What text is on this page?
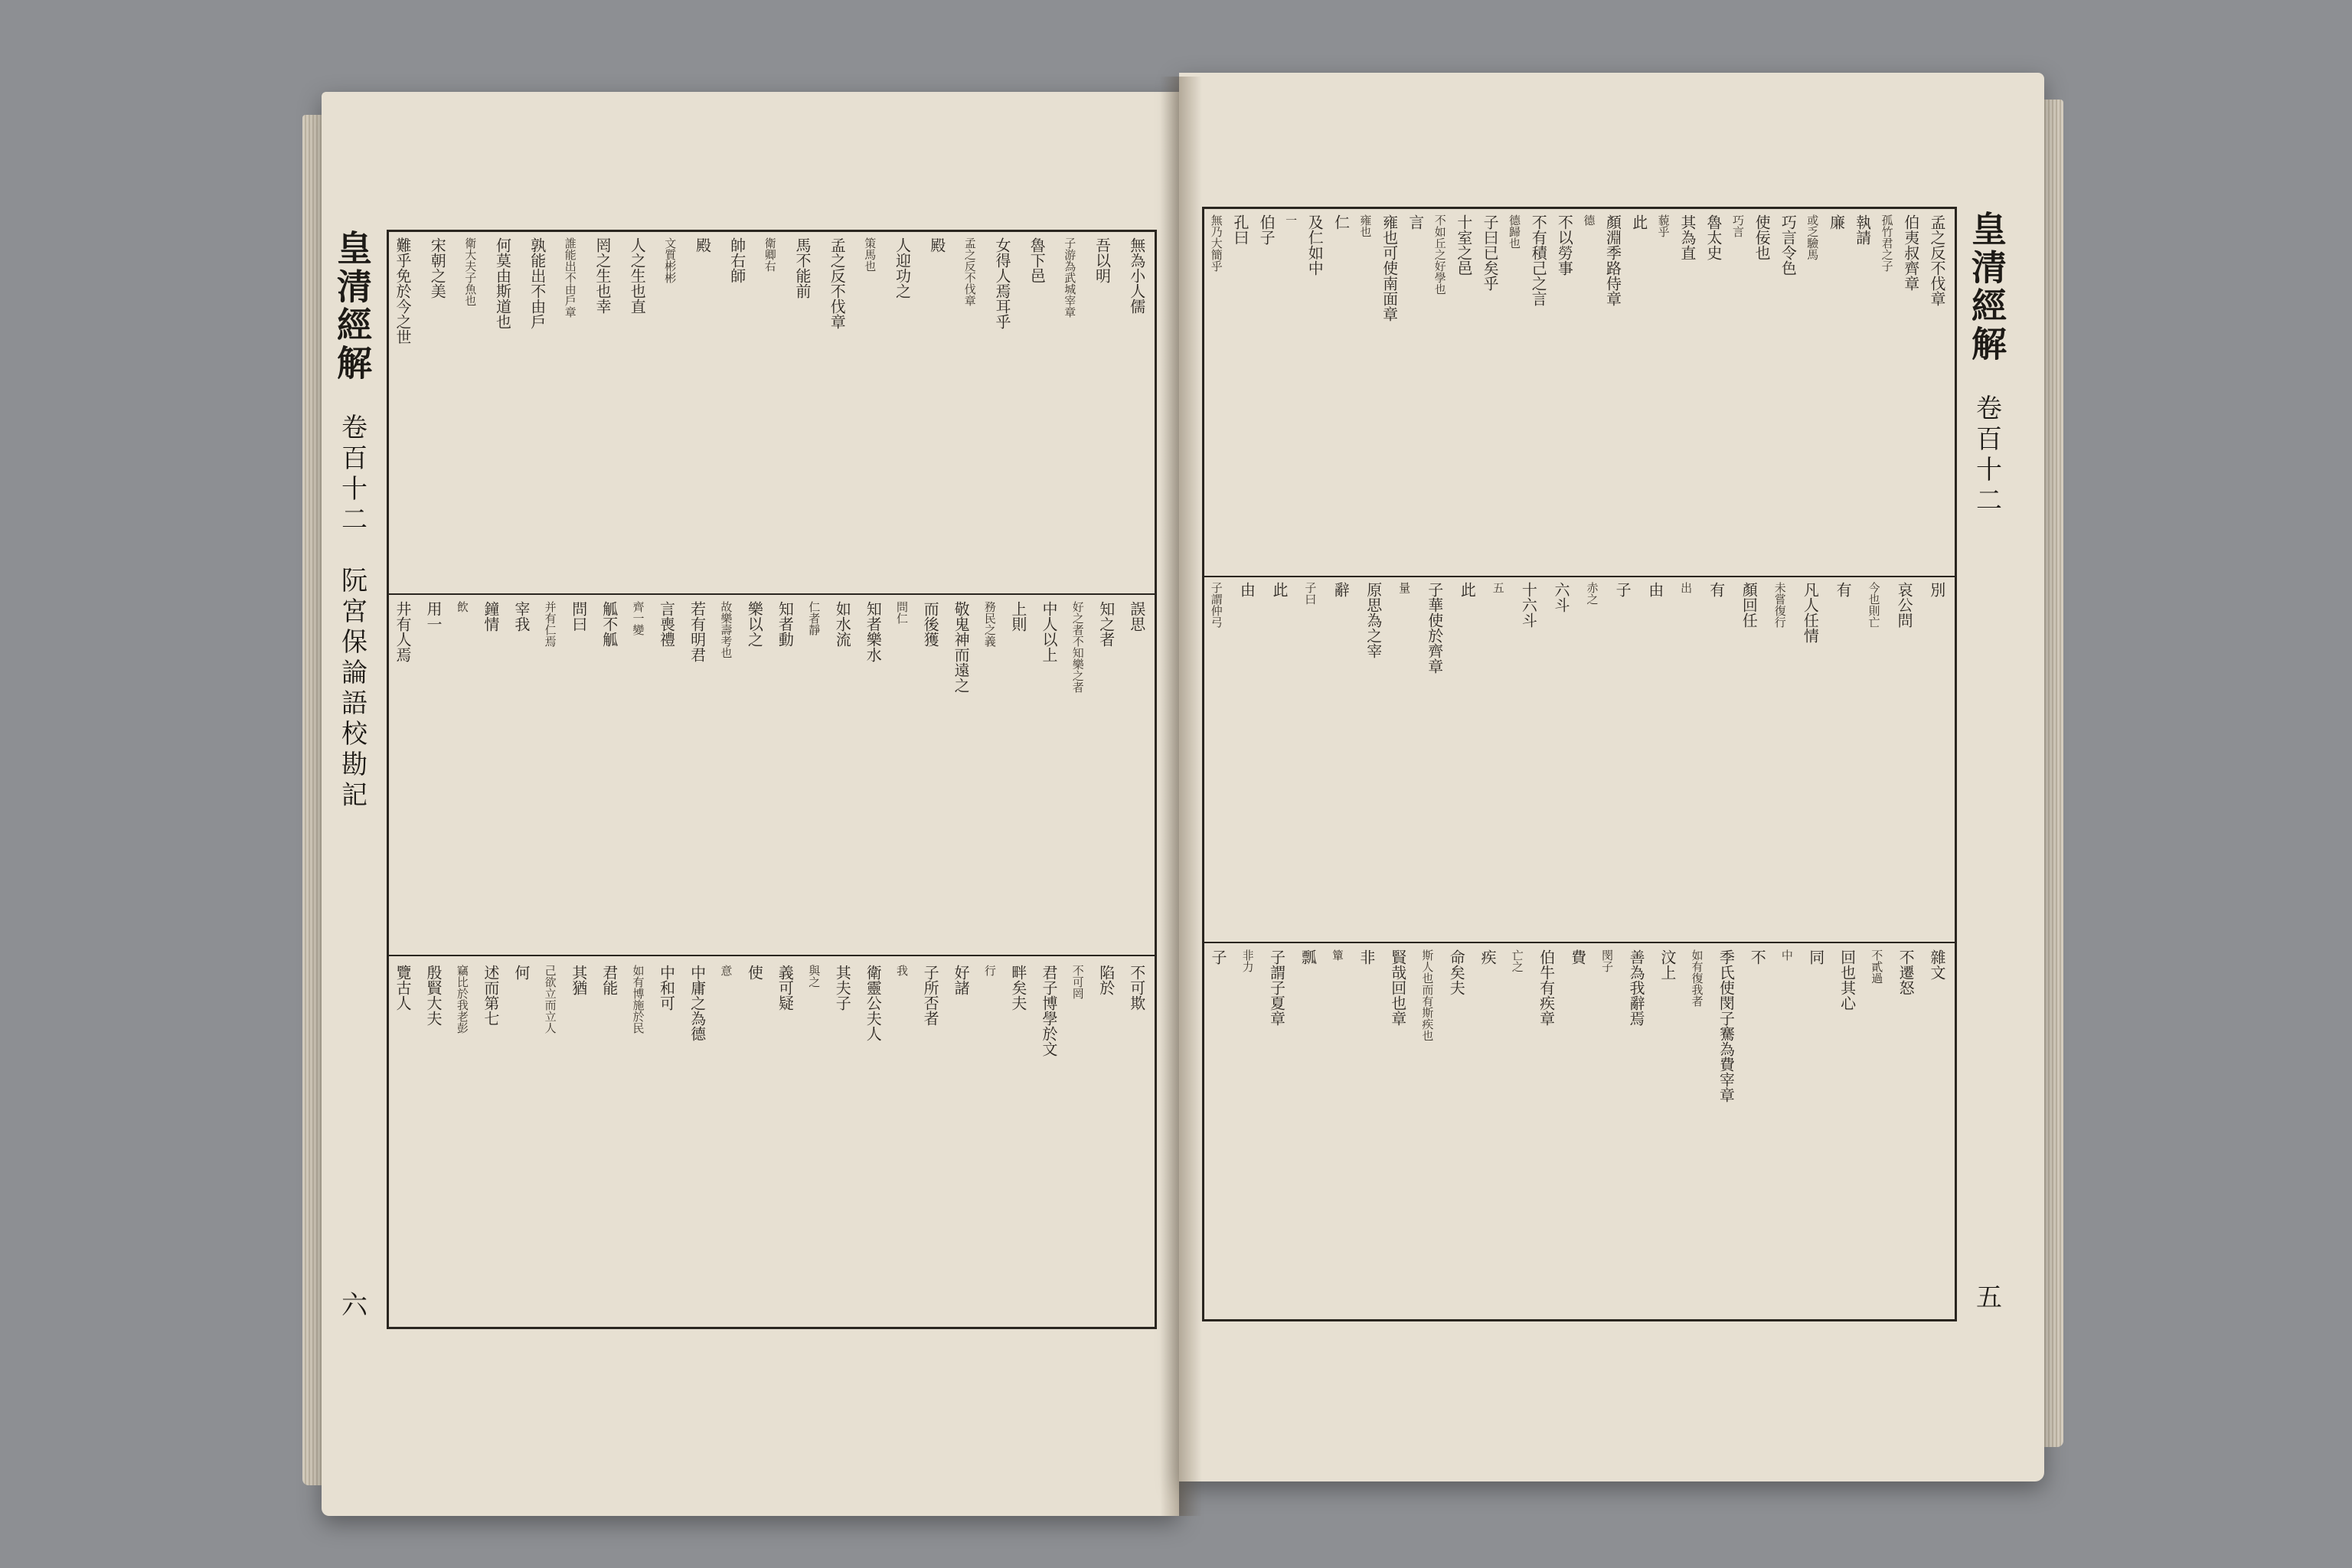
皇清經解
卷百十二
阮宮保論語校勘記
六
無為小人儒
吾以明
子游為武城宰章
魯下邑
女得人焉耳乎
孟之反不伐章
殿
人迎功之
策馬也
孟之反不伐章
馬不能前
衛卿右
帥右師
殿
文質彬彬
人之生也直
罔之生也幸
誰能出不由戶章
孰能出不由戶
何莫由斯道也
衛大夫子魚也
宋朝之美
難乎免於今之世
誤思
知之者
好之者不知樂之者
中人以上
上則
務民之義
敬鬼神而遠之
而後獲
問仁
知者樂水
如水流
仁者靜
知者動
樂以之
故樂壽考也
若有明君
言喪禮
齊一變
觚不觚
問曰
并有仁焉
宰我
鐘情
飲
用一
井有人焉
不可欺
陷於
不可罔
君子博學於文
畔矣夫
行
好諸
子所否者
我
衛靈公夫人
其夫子
與之
義可疑
使
意
中庸之為德
中和可
如有博施於民
君能
其猶
己欲立而立人
何
述而第七
竊比於我老彭
殷賢大夫
覽古人
皇清經解
卷百十二
五
孟之反不伐章
伯夷叔齊章
孤竹君之子
執請
廉
或乏驗馬
巧言令色
使佞也
巧言
魯太史
其為直
藐乎
此
顏淵季路侍章
德
不以勞事
不有積己之言
德歸也
子曰已矣乎
十室之邑
不如丘之好學也
言
雍也可使南面章
雍也
仁
及仁如中
一
伯子
孔曰
無乃大簡乎
別
哀公問
今也則亡
有
凡人任情
未嘗復行
顏回任
有
出
由
子
赤之
六斗
十六斗
五
此
子華使於齊章
量
原思為之宰
辭
子曰
此
由
子謂仲弓
雜文
不遷怒
不貳過
回也其心
同
中
不
季氏使閔子騫為費宰章
如有復我者
汶上
善為我辭焉
閔子
費
伯牛有疾章
亡之
疾
命矣夫
斯人也而有斯疾也
賢哉回也章
非
簞
瓢
子謂子夏章
非力
子
